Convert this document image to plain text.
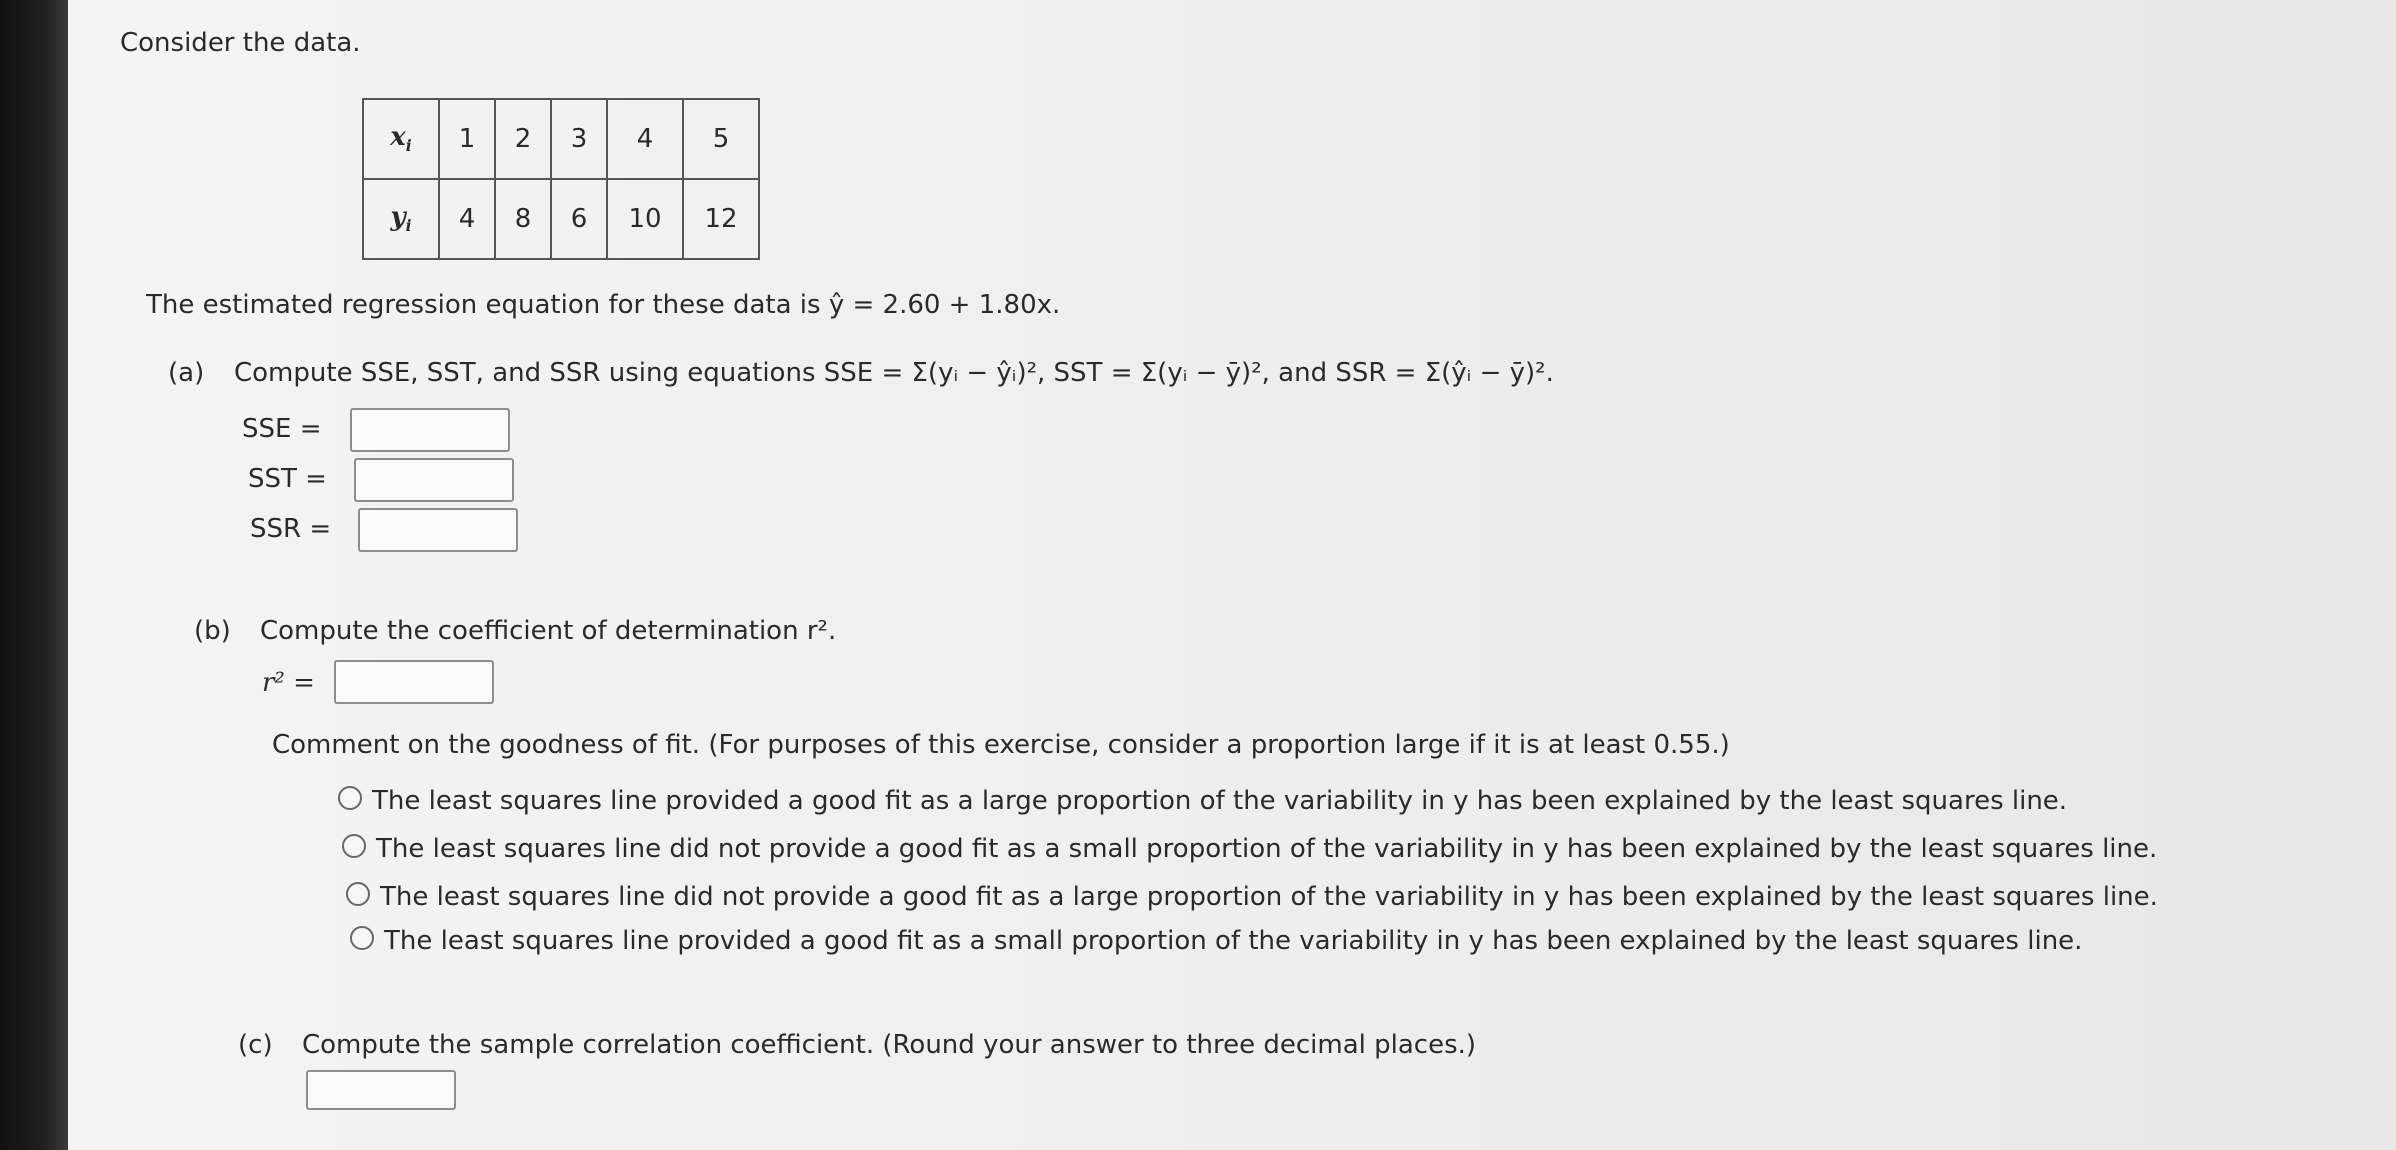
Consider the data.
$x_i$	1	2	3	4	5
$y_i$	4	8	6	10	12
The estimated regression equation for these data is ŷ = 2.60 + 1.80x.
(a) Compute SSE, SST, and SSR using equations SSE = Σ(yᵢ − ŷᵢ)², SST = Σ(yᵢ − ȳ)², and SSR = Σ(ŷᵢ − ȳ)².
SSE =
SST =
SSR =
(b) Compute the coefficient of determination r².
r² =
Comment on the goodness of fit. (For purposes of this exercise, consider a proportion large if it is at least 0.55.)
The least squares line provided a good fit as a large proportion of the variability in y has been explained by the least squares line.
The least squares line did not provide a good fit as a small proportion of the variability in y has been explained by the least squares line.
The least squares line did not provide a good fit as a large proportion of the variability in y has been explained by the least squares line.
The least squares line provided a good fit as a small proportion of the variability in y has been explained by the least squares line.
(c) Compute the sample correlation coefficient. (Round your answer to three decimal places.)
